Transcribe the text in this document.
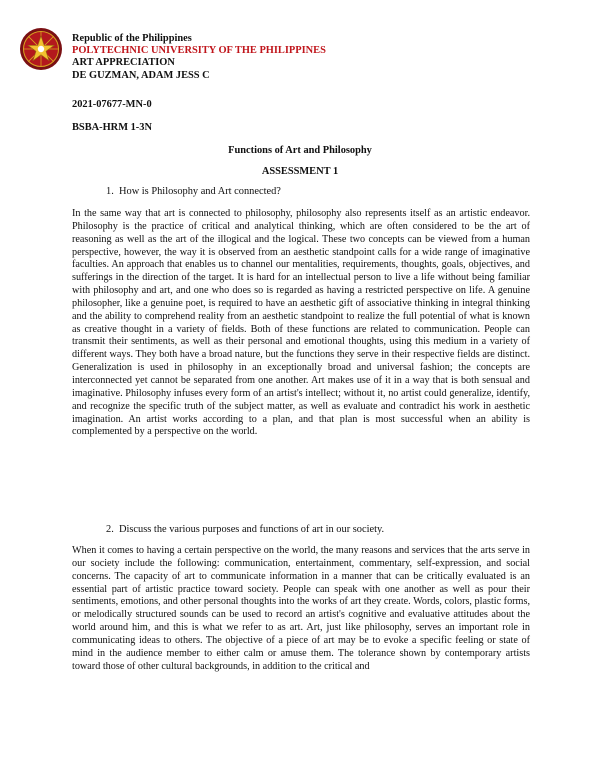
Republic of the Philippines
POLYTECHNIC UNIVERSITY OF THE PHILIPPINES
ART APPRECIATION
DE GUZMAN, ADAM JESS C
2021-07677-MN-0
BSBA-HRM 1-3N
Functions of Art and Philosophy
ASSESSMENT 1
1. How is Philosophy and Art connected?

In the same way that art is connected to philosophy, philosophy also represents itself as an artistic endeavor. Philosophy is the practice of critical and analytical thinking, which are often considered to be the art of reasoning as well as the art of the illogical and the logical. These two concepts can be viewed from a human perspective, however, the way it is observed from an aesthetic standpoint calls for a wide range of imaginative faculties. An approach that enables us to channel our mentalities, requirements, thoughts, goals, objectives, and sufferings in the direction of the target. It is hard for an intellectual person to live a life without being familiar with philosophy and art, and one who does so is regarded as having a restricted perspective on life. A genuine philosopher, like a genuine poet, is required to have an aesthetic gift of associative thinking in integral thinking and the ability to comprehend reality from an aesthetic standpoint to realize the full potential of what is known as creative thought in a variety of fields. Both of these functions are related to communication. People can transmit their sentiments, as well as their personal and emotional thoughts, using this medium in a variety of different ways. They both have a broad nature, but the functions they serve in their respective fields are distinct. Generalization is used in philosophy in an exceptionally broad and universal fashion; the concepts are interconnected yet cannot be separated from one another. Art makes use of it in a way that is both sensual and imaginative. Philosophy infuses every form of an artist's intellect; without it, no artist could generalize, identify, and recognize the specific truth of the subject matter, as well as evaluate and contradict his work in aesthetic imagination. An artist works according to a plan, and that plan is most successful when an ability is complemented by a perspective on the world.

2. Discuss the various purposes and functions of art in our society.

When it comes to having a certain perspective on the world, the many reasons and services that the arts serve in our society include the following: communication, entertainment, commentary, self-expression, and social concerns. The capacity of art to communicate information in a manner that can be critically evaluated is an essential part of artistic practice toward society. People can speak with one another as well as pour their sentiments, emotions, and other personal thoughts into the works of art they create. Words, colors, plastic forms, or melodically structured sounds can be used to record an artist's cognitive and evaluative attitudes about the world around him, and this is what we refer to as art. Art, just like philosophy, serves an important role in communicating ideas to others. The objective of a piece of art may be to evoke a specific feeling or state of mind in the audience member to either calm or amuse them. The tolerance shown by contemporary artists toward those of other cultural backgrounds, in addition to the critical and
